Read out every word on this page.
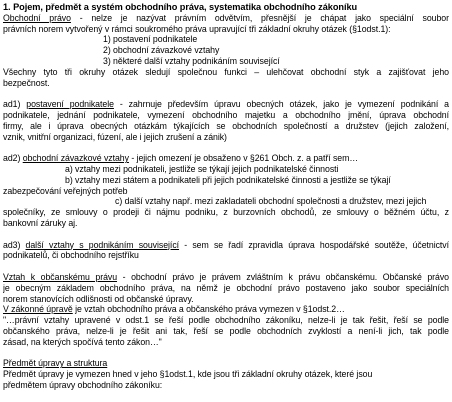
1. Pojem, předmět a systém obchodního práva, systematika obchodního zákoníku
Obchodní právo - nelze je nazývat právním odvětvím, přesnější je chápat jako speciální soubor
právních norem vytvořený v rámci soukromého práva upravující tři základní okruhy otázek (§1odst.1):
1) postavení podnikatele
2) obchodní závazkové vztahy
3) některé další vztahy podnikáním související
Všechny tyto tři okruhy otázek sledují společnou funkci – ulehčovat obchodní styk a zajišťovat jeho
bezpečnost.
ad1) postavení podnikatele - zahrnuje především úpravu obecných otázek, jako je vymezení podnikání a
podnikatele, jednání podnikatele, vymezení obchodního majetku a obchodního jmění, úprava obchodní
firmy, ale i úprava obecných otázkám týkajících se obchodních společností a družstev (jejich založení,
vznik, vnitřní organizaci, fúzení, ale i jejich zrušení a zánik)
ad2) obchodní závazkové vztahy - jejich omezení je obsaženo v §261 Obch. z. a patří sem…
a) vztahy mezi podnikateli, jestliže se týkají jejich podnikatelské činnosti
b) vztahy mezi státem a podnikateli při jejich podnikatelské činnosti a jestliže se týkají
zabezpečování veřejných potřeb
c) další vztahy např. mezi zakladateli obchodní společnosti a družstev, mezi jejich
společníky, ze smlouvy o prodeji či nájmu podniku, z burzovních obchodů, ze smlouvy o běžném účtu, z
bankovní záruky aj.
ad3) další vztahy s podnikáním související - sem se řadí zpravidla úprava hospodářské soutěže, účetnictví
podnikatelů, či obchodního rejstříku
Vztah k občanskému právu - obchodní právo je právem zvláštním k právu občanskému. Občanské právo
je obecným základem obchodního práva, na němž je obchodní právo postaveno jako soubor speciálních
norem stanovících odlišnosti od občanské úpravy.
V zákonné úpravě je vztah obchodního práva a občanského práva vymezen v §1odst.2…
"…právní vztahy upravené v odst.1 se řeší podle obchodního zákoníku, nelze-li je tak řešit, řeší se podle
občanského práva, nelze-li je řešit ani tak, řeší se podle obchodních zvyklostí a není-li jich, tak podle
zásad, na kterých spočívá tento zákon…"
Předmět úpravy a struktura
Předmět úpravy je vymezen hned v jeho §1odst.1, kde jsou tři základní okruhy otázek, které jsou
předmětem úpravy obchodního zákoníku:
